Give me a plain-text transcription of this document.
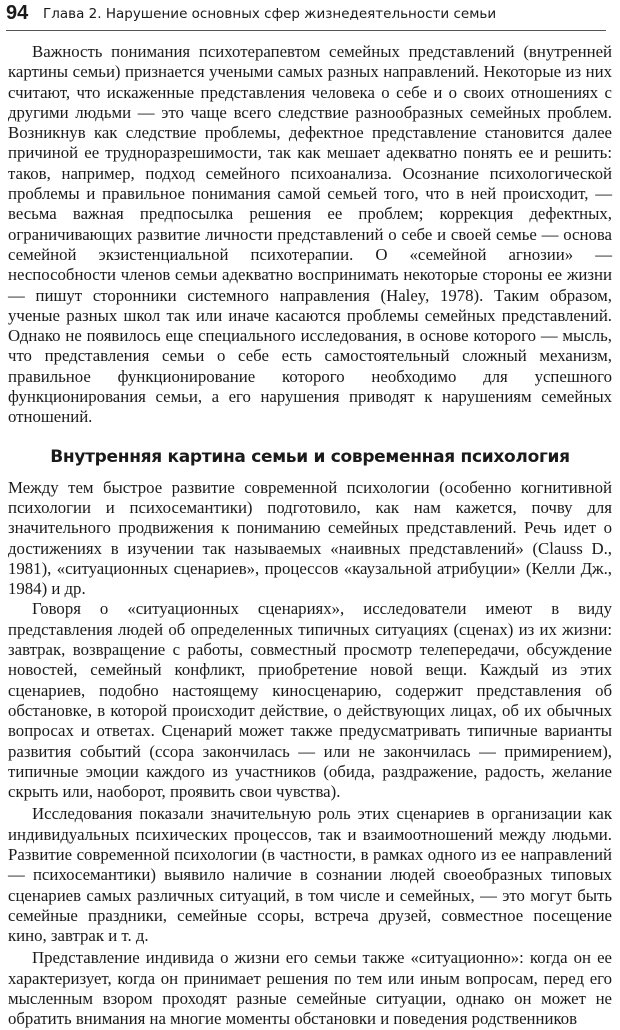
94 Глава 2. Нарушение основных сфер жизнедеятельности семьи

Важность понимания психотерапевтом семейных представлений (внутренней картины семьи) признается учеными самых разных направлений. Некоторые из них считают, что искаженные представления человека о себе и о своих отношениях с другими людьми — это чаще всего следствие разнообразных семейных проблем. Возникнув как следствие проблемы, дефектное представление становится далее причиной ее трудноразрешимости, так как мешает адекватно понять ее и решить: таков, например, подход семейного психоанализа. Осознание психологической проблемы и правильное понимания самой семьей того, что в ней происходит, — весьма важная предпосылка решения ее проблем; коррекция дефектных, ограничивающих развитие личности представлений о себе и своей семье — основа семейной экзистенциальной психотерапии. О «семейной агнозии» — неспособности членов семьи адекватно воспринимать некоторые стороны ее жизни — пишут сторонники системного направления (Haley, 1978). Таким образом, ученые разных школ так или иначе касаются проблемы семейных представлений. Однако не появилось еще специального исследования, в основе которого — мысль, что представления семьи о себе есть самостоятельный сложный механизм, правильное функционирование которого необходимо для успешного функционирования семьи, а его нарушения приводят к нарушениям семейных отношений.

Внутренняя картина семьи и современная психология

Между тем быстрое развитие современной психологии (особенно когнитивной психологии и психосемантики) подготовило, как нам кажется, почву для значительного продвижения к пониманию семейных представлений. Речь идет о достижениях в изучении так называемых «наивных представлений» (Clauss D., 1981), «ситуационных сценариев», процессов «каузальной атрибуции» (Келли Дж., 1984) и др.

Говоря о «ситуационных сценариях», исследователи имеют в виду представления людей об определенных типичных ситуациях (сценах) из их жизни: завтрак, возвращение с работы, совместный просмотр телепередачи, обсуждение новостей, семейный конфликт, приобретение новой вещи. Каждый из этих сценариев, подобно настоящему киносценарию, содержит представления об обстановке, в которой происходит действие, о действующих лицах, об их обычных вопросах и ответах. Сценарий может также предусматривать типичные варианты развития событий (ссора закончилась — или не закончилась — примирением), типичные эмоции каждого из участников (обида, раздражение, радость, желание скрыть или, наоборот, проявить свои чувства).

Исследования показали значительную роль этих сценариев в организации как индивидуальных психических процессов, так и взаимоотношений между людьми. Развитие современной психологии (в частности, в рамках одного из ее направлений — психосемантики) выявило наличие в сознании людей своеобразных типовых сценариев самых различных ситуаций, в том числе и семейных, — это могут быть семейные праздники, семейные ссоры, встреча друзей, совместное посещение кино, завтрак и т. д.

Представление индивида о жизни его семьи также «ситуационно»: когда он ее характеризует, когда он принимает решения по тем или иным вопросам, перед его мысленным взором проходят разные семейные ситуации, однако он может не обратить внимания на многие моменты обстановки и поведения родственников
